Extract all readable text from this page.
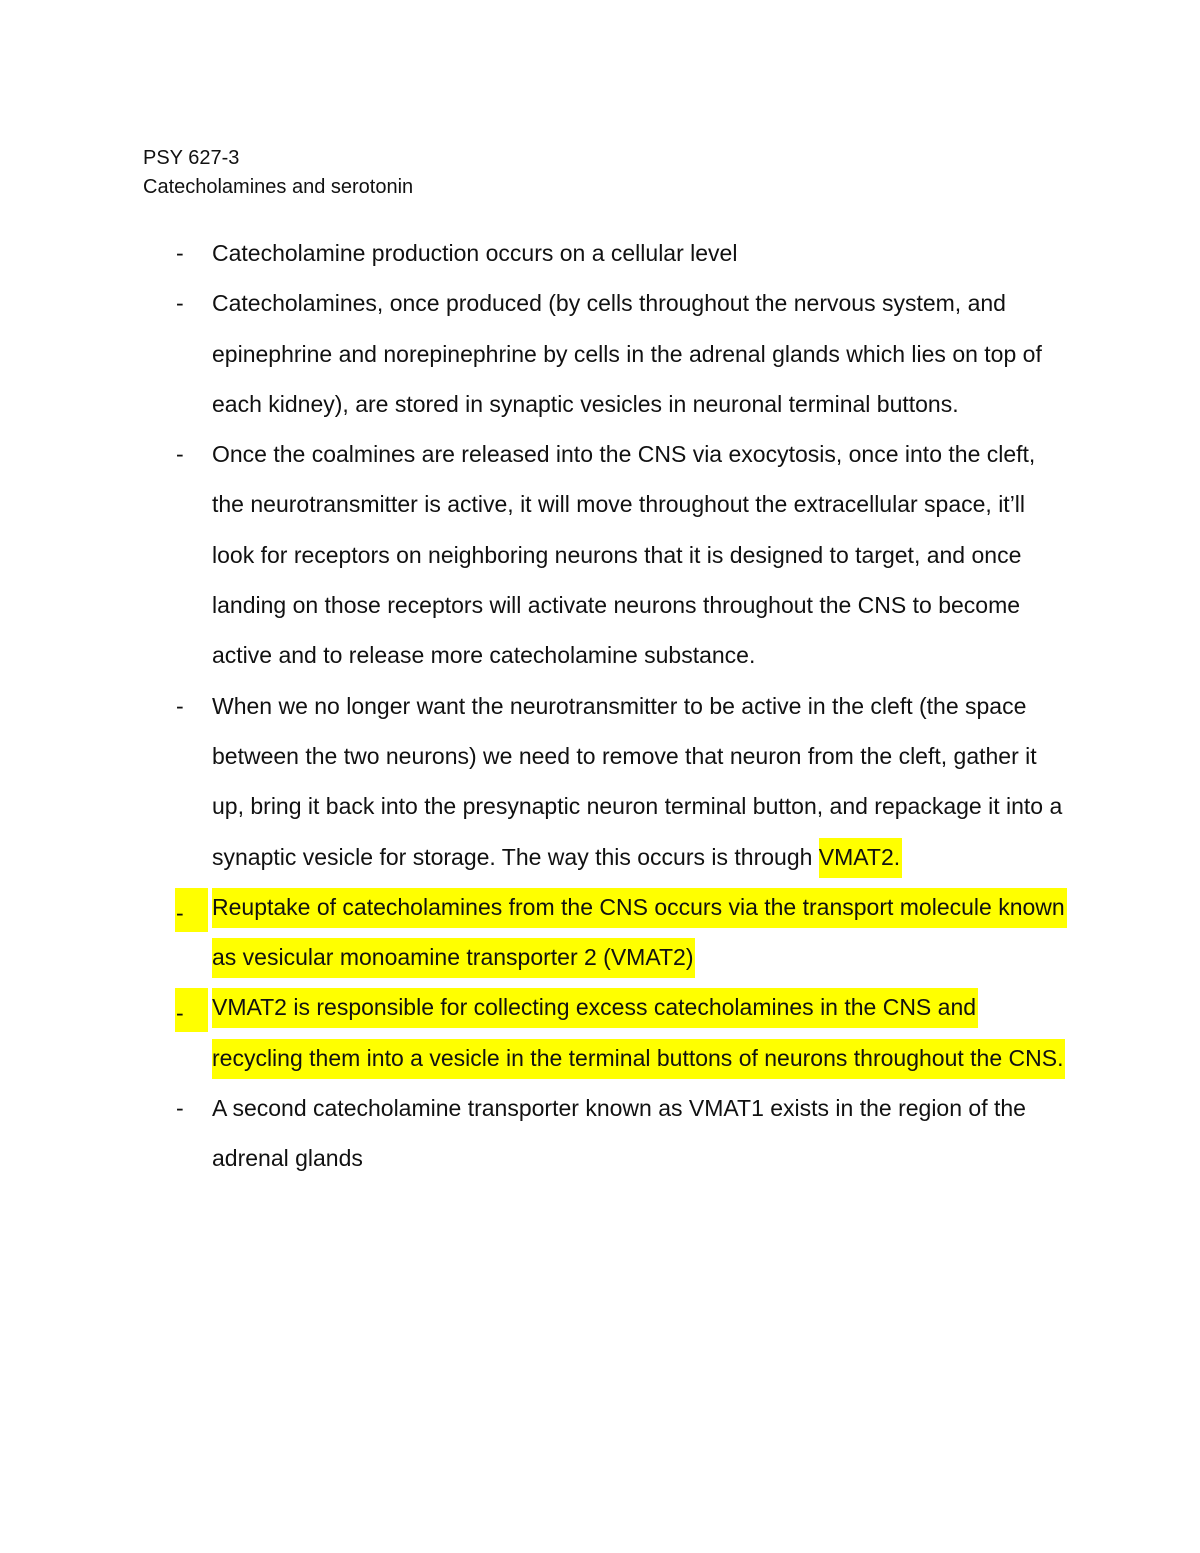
PSY 627-3
Catecholamines and serotonin
-	Catecholamine production occurs on a cellular level
-	Catecholamines, once produced (by cells throughout the nervous system, and epinephrine and norepinephrine by cells in the adrenal glands which lies on top of each kidney), are stored in synaptic vesicles in neuronal terminal buttons.
-	Once the coalmines are released into the CNS via exocytosis, once into the cleft, the neurotransmitter is active, it will move throughout the extracellular space, it’ll look for receptors on neighboring neurons that it is designed to target, and once landing on those receptors will activate neurons throughout the CNS to become active and to release more catecholamine substance.
-	When we no longer want the neurotransmitter to be active in the cleft (the space between the two neurons) we need to remove that neuron from the cleft, gather it up, bring it back into the presynaptic neuron terminal button, and repackage it into a synaptic vesicle for storage. The way this occurs is through VMAT2.
-	Reuptake of catecholamines from the CNS occurs via the transport molecule known as vesicular monoamine transporter 2 (VMAT2)
-	VMAT2 is responsible for collecting excess catecholamines in the CNS and recycling them into a vesicle in the terminal buttons of neurons throughout the CNS.
-	A second catecholamine transporter known as VMAT1 exists in the region of the adrenal glands
